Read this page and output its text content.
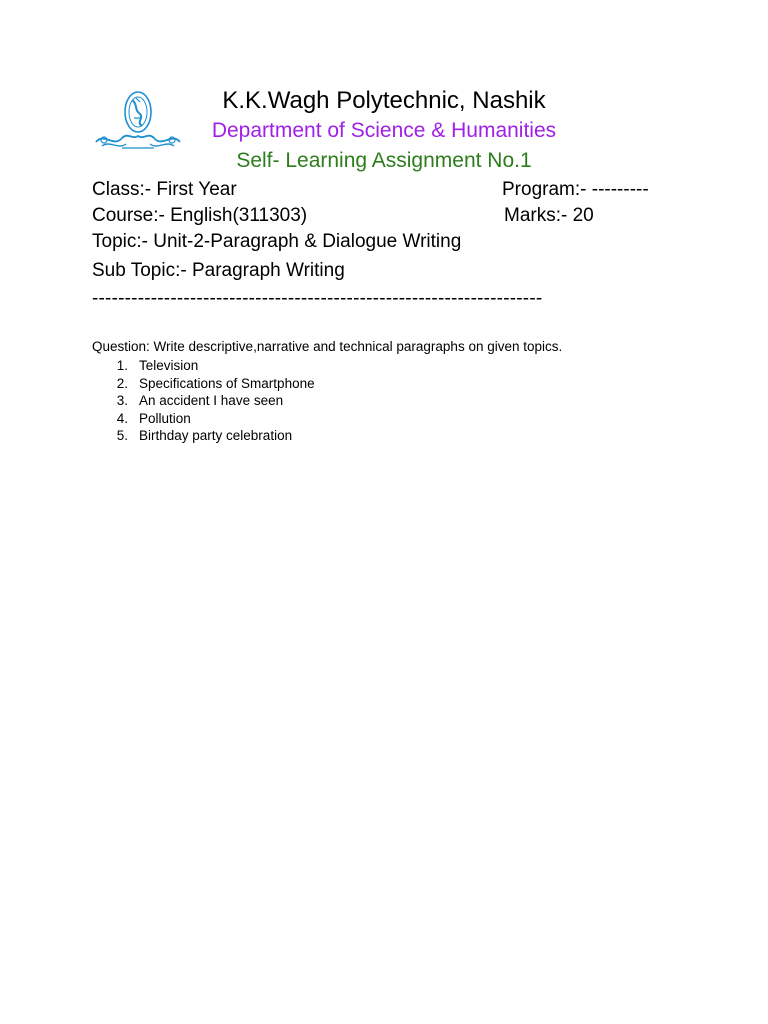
K.K.Wagh Polytechnic, Nashik
Department of Science & Humanities
Self- Learning Assignment No.1
Class:- First Year	Program:- ---------
Course:- English(311303)	Marks:- 20
Topic:- Unit-2-Paragraph & Dialogue Writing
Sub Topic:- Paragraph Writing
---------------------------------------------------------------------
Question: Write descriptive,narrative and technical paragraphs on given topics.
1. Television
2. Specifications of Smartphone
3. An accident I have seen
4. Pollution
5. Birthday party celebration
